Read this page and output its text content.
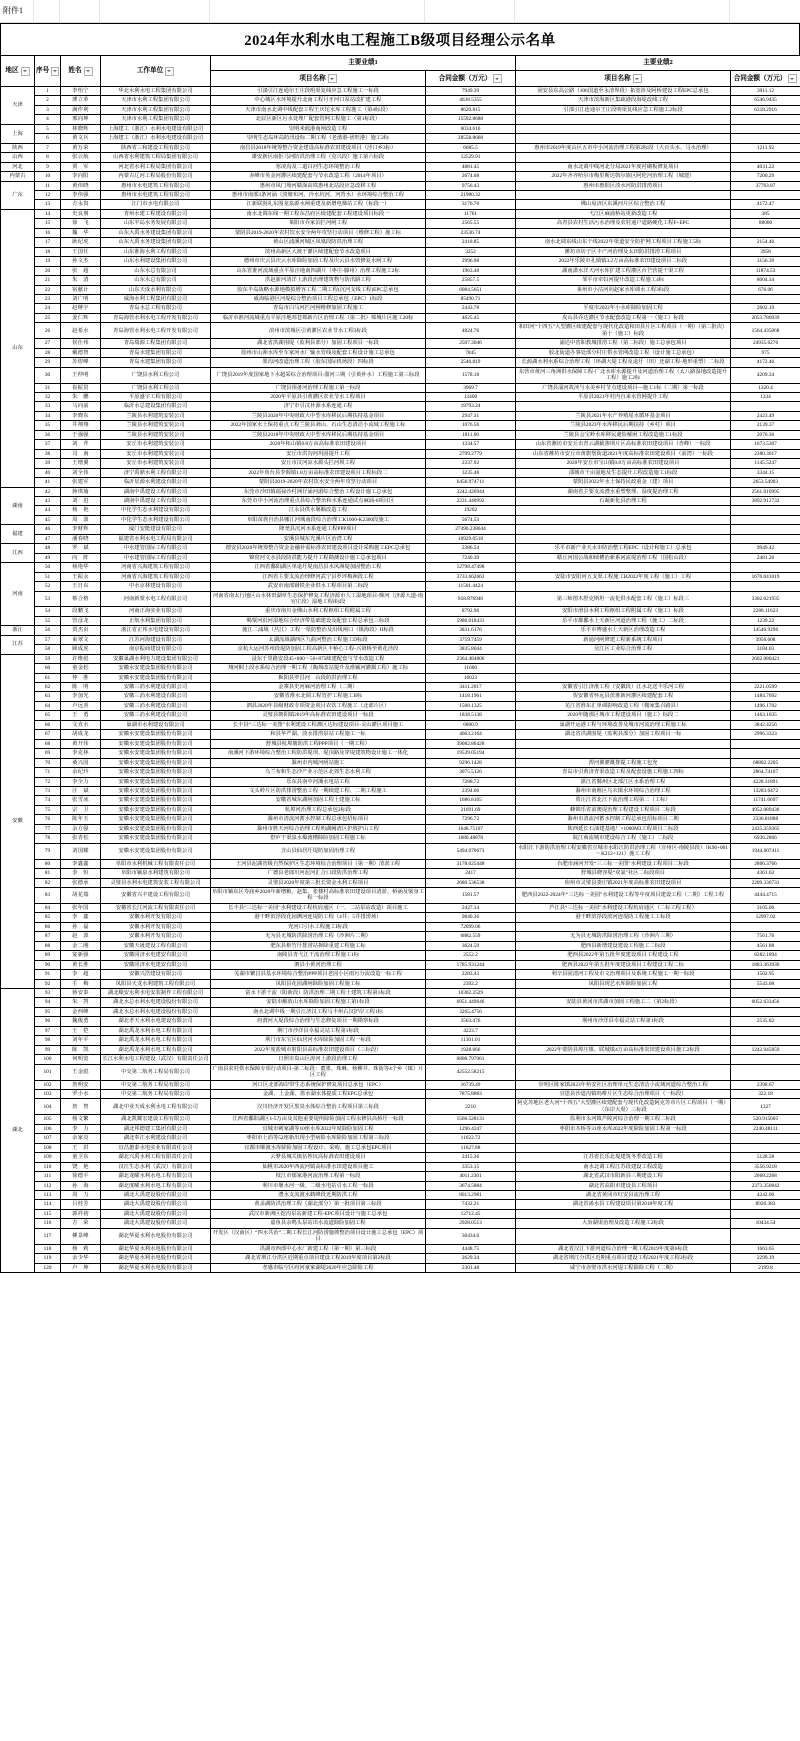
附件1
2024年水利水电工程施工B级项目经理公示名单
地区	序号	姓名	工作单位	主要业绩1		主要业绩2	

				项目名称	合同金额（万元）	项目名称	合同金额（万元）

天津	1	李怡宁	华北水利水电工程集团有限公司	引滦引江连通尔王庄段明渠复线应急工程施工一标段	7949.39	固安县东高公路（106国道至永清界段）拓宽涉及阿桥建设工程EPC总承包	3911.12
	2	薄立革	天津市水利工程集团有限公司	中心城区水环境提升北南工程月牙河口泵站改扩建工程	4638.5355	天津市滨海新区集疏港段海堤改线工程	6546.9435
	3	满作利	天津市水利工程集团有限公司	天津市南水北调中线配套工程王庆坨水库工程施工（第4标段）	8620.815	引滦引江连通尔王庄段明渠复线应急工程施工2标段	6318.2916
	4	邢向坤	天津市水利工程集团有限公司	北辰区新区污水处理厂配套管网工程施工（第1标段）	15592.8688		
上海	5	林晓辉	上海建工（浙江）水利水电建设有限公司	崇明米淞港南闸改造工程	6034.616		
	6	黄文兵	上海建工（浙江）水利水电建设有限公司	崇明生态岛环岛防汛设标二期工程（老滧港-团旺港）施工2标	28558.8668		
陕西	7	黄万荣	陕西省三和建设工程有限公司	南昌县2018年统筹整合资金建设高标准农田建设项目（泾口乡3标）	6685.5	惠州市2019年度山区五市中小河流治理工程第2标段（大百头水、马水治理）	1211.92
山西	8	张云航	山西省水利建筑工程局集团有限公司	雄安新区南拒马河防洪治理工程（克兴段）施工第六标段	12529.91		
河北	9	贾　军	河北省水利工程局集团有限公司	寒凌沟及二道白河生态环境整治工程	4881.45	南水北调中线河北分局2021年度衬砌板修复项目	4031.22
内蒙古	10	李向阳	内蒙古辽河工程局股份有限公司	赤峰市英金河灌区续建配套与节水改造工程（2014年项目）	2674.08	2022年齐齐哈尔市梅里斯达斡尔族区阿伦河治理工程（城建）	7200.29
广东	11	黄伟晓	惠州市水电建筑工程有限公司	惠州市凤门坳河赣深高铁惠州北站段应急改移工程	9756.43	惠州市惠阳区淡水河防洪排涝项目	37763.87
	12	李伟强	惠州市水电建筑工程有限公司	惠州市南部3条河涌（淡塘布河、冷水坑河、河背水）水环境综合整治工程	21980.32		
	13	方永贵	江门市水电有限公司	江新联围礼东围龙泉源水闸重建及新增电梯站工程（标段一）	3176.76	佛山易济区东溪河片区综合整治工程	4172.47
山东	14	史良朋	青州水建工程建设有限公司	南水北调东线一期工程东昌府区续建配套工程建设项目标段一	11761	弋江区麻浦桥站更新改造工程	385
	15	徐　飞	山东半岛水务发展有限公司	莱阳市乔家泊拦河闸工程	2565.55	高青县农村生活污水治理及农村通户道路硬化工程F+EPC	88000
	16	魏　华	山东大禹水务建设集团有限公司	蒙阴县2019-2020年农村饮水安全两年攻坚行动项目（维修工程）施工标	23536.74		
	17	耿纪虎	山东大禹水务建设集团有限公司	黄山区浦溪河城区凤凰段防洪治理工程	2418.85	南水北调东线山东干线2022年渠道安全防护网工程项目工程施工5标	2154.46
	18	王国任	山东淮海水利工程有限公司	滨州高新区大渡干灌区续建配套节水改造项目	3252	潍坊市坊子区丰产河治理及太田防洪排涝工程项目	3958
	19	孙文杰	山东水利建设集团有限公司	德州市庆云县庆云水库除险加固工程及庆云县水毁修复水闸工程	2996.98	2022年乐陵市孔镇镇3.2万亩高标准农田建设项目二标段	3156.39
	20	张　超	山东水总有限公司	山东省淮河流域重点平原洼地南四湖片（枣庄-滕州）治理工程施工2标	1963.48	湖南潇水洋天河水库扩建工程灌区台芒营提干渠工程	11874.53
	21	朱　清	山东水总有限公司	洪赵新河清洋上游段治理建筑物与防汛路工程	25857.5	邹平市牵妇河提升改造工程施工4标	8004.34
	22	宿献计	山东天成水利有限公司	胶东半岛战略水源地模拟增容工程二期工程(沉河支线工程)EPC总承包	6084.5651	莱州市小沽河向赵家水库调水工程3标段	676.06
	23	刘广明	威海水利工程集团有限公司	威海临港区河堤综合整治项目工程总承包（EPC）1标段	85490.71		
	24	赵继宇	青岛水总工程有限公司	青岛市白马河拦河闸维修加固工程施工	2443.78	平度市2022年小水库除险加固工程	2602.19
	25	姜仁辉	青岛海管水利水电工程开发有限公司	临沂市淮河流域重点平原洼地邳苍郯新片区治理工程（第二批）郯城片区施工20标	4625.45	皮山县乔达灌区节水配套改造工程第一（施工）标段	2053.780939
	26	赵希水	青岛海管水利水电工程开发有限公司	滨州市滨城区引黄灌区农业节水工程3标段	4824.76	和田河“十四五”大型灌区续建配套与现代化改造和田县片区工程项目（一期）（第二批次）第十（施工）标段	1564.435068
	27	侯仕伟	青岛瑞源工程集团有限公司	湖北省洪湖围堤（监利县部分）加固工程项目一标段	2507.3046	浦达中省职教城排涝工程（第二标段）施工总承包项目	24935.6276
	28	戴德智	青岛水建集团有限公司	胶州市山洲水库至车家河水厂输水管线及配套工程设计施工总承包	7845	胶北街道办事处部分村庄供水管网改造工程（设计施工总承包）	975
	29	苏煜峰	青岛水建集团有限公司	墨沟河改道治理工程（胶东国际机场段）四标段	2546.819	长源湖水利水系综合治理工程（环湖大堤工程及退圩（田）还湖工程-地形重塑）二标段	4172.46
	30	王仲明	广饶县水利工程公司	广饶县2019年度国家地下水超采综合治理项目-溜河三期（引黄补水）工程施工第三标段	1578.18	东营市黄河三角洲供水保障工程-广北水库水源提升及河道治理工程（太八路湿地改造提升工程）施工2标	4209.34
	31	崔振贯	广饶县水利工程公司	广饶县预备河治理工程施工第一标段	3969.7	广饶县淄河故渎与水美乡村节点建设项目—施工1标（二期）第一标段	1320.4
	32	朱　鹏	平原盛宇工程有限公司	2020年平原县引黄灌区农业节水工程项目	13400	平原县2021年村内自来水管网提升工程	1334
	33	马向前	临沂水总建设集团有限公司	济宁市引汶补源水系连通工程	19793.24		
	34	李晓东	兰陵县水利建筑安装公司	兰陵县2020年中央财政大中型水库移民后期扶持基金项目	2947.31	兰陵县2021年水产养殖尾水循环基金项目	2423.49
	35	井翔翔	兰陵县水利建筑安装公司	2022年国家水土保持重点工程兰陵县剥山、石山生态清洁小流域工程施工标	1076.56	兰陵县2023年水库移民后期扶持（乡村）项目	2139.37
	36	于强强	兰陵县水利建筑安装公司	兰陵县2018年中央财政大中型水库移民后期扶持基金项目	1811.00	兰陵县会宝岭水库移民避险解困工程改造施工1标段	2076.36
	37	刘　芹	安丘市水利建筑安装公司	2020年柘山镇0.8万亩高标准农田建设项目	1334.57	山东省潍坊市安丘市青云湖截渗坝片区高标准农田建设项目（杏峰）一标段	1673.5307
	38	司　南	安丘市水利建筑安装公司	安丘市洪沟河巩固提升工程	2799.2779	山东省潍坊市安丘市黄旗堡街道2021年度高标准农田建设项目（前湾）一标段	2380.3017
	39	王增翼	安丘市水利建筑安装公司	安丘市汶河凉水源头拦河坝工程	2337.92	2020年安丘市宝山镇0.8万亩高标准农田建设项目	1145.5247
	40	刘全伟	济宁禹鼎水利工程有限公司	2022年鱼台县李阁镇1.8万亩高标准农田建设项目工程标段二	3235.48	邵城市千亩滋地及生态提升工程改造施工1标段	3344.15
	41	张建军	临沂星源水利建设有限公司	蒙阴县2019-2020年农村饮水安全两年攻坚行动项目	6456.974711	蒙阴县2022年水土保持民政重金（建）项目	2653.54903
湖南	42	蒋琪瑜	湖南中禹建设工程有限公司	东莞市沙田镇福禄沙村洲仔涌河湄综合整治工程设计施工总承包	3242.426944	湖南省主要支流澧水重塑整理、湿度提治理工程	2561.010995
	43	刘　进	湖南中禹建设工程有限公司	东莞市中小河流治理重点县综合整治和水系连通试点麻涌-6项目区	2231.440992	石凝新化县治理工程	3892.912732
	44	杨　艳	中化学生态水利建设有限公司	江永县供水堰顺改造工程	19202		
	45	周　波	中化学生态水利建设有限公司	阜阳苗族自治县娜江河城南段综合治理工K1000-K2300段施工	5674.53		
福建	46	李财辉	厦门安能建设有限公司	隆尧县沉河水系连通工程PPP项目	27496.238644		
	47	潘春晓	福建省水利水电工程局有限公司	安溪县城东光溪片区治湾工程	10929.0518		
江西	48	罗　斌	中水建管国际工程有限公司	德安县2020年统筹整合资金金融补需标准农田建设项目设计采购施工EPC总承包	2386.54	乐平市新产业天水市防治整工程EPC（设计和施工）总承包	9949.42
	49	向　阵	中水建管国际工程有限公司	锦窑河文水县段防洪能力提升工程勘测设计施工总承包项目	7240.39	赣丘河国公战和续槽治新系河流堤治理工程（国松山段）	2481.26
河南	50	杨艳华	河南省兴海建筑工程有限公司	江西省鄱阳湖区单退圩堤南昌县水风洲堤加固整治工程	12798.47498		
	51	王振永	河南省兴海建筑工程有限公司	江西省主要支流治理修河武宁县罗坪梅洲段工程	3733.662663	安陆市安阳河五支渠工程施工B2022年度工程（施工）工程	1676.041019
	52	王日东	中水京林建设有限公司	武安市南部钢铁企业供水工程项目第二标段	11501.4424		
	53	蔡合格	河南新蒙水电工程有限公司	河南省南太行地区山水林田湖草生态保护修复工程济源市人工湿地项目-梯河（济源大道-南官庄段）湿地工程I标段	958.876946	第三师图木舒克斯坦一流化供水配套工程（施工）标段三	3302.621935
	54	段鹏飞	河南正海实业有限公司	重庆市南川金佛山水利工程枢组工程附属工程	8792.96	安阳市滑县水利工程枢组工程附属工程（施工）标段	2288.11623
	55	管彦龙	正航水利集团有限公司	喝粟河沿河湿地综合经济带基础建设及配套工程总承包三标段	5986.018431	乐平市都鄱水上天新区河道治理工程（施工）二标段	1239.22
浙江	56	贾杰贞	浙江省正邦水电建设有限公司	施江二浦域（莒江）工程一渠防整治及沿线闸口（镇海段）II标段	3831.6176	乐平市博盛水上天新区治理改造工程	14540.9296
江苏	57	束翠文	江苏河海建设有限公司	太湖流域湖西区九曲河整治工程施工D标段	3759.7459	新通河闸修建工程新系统工程项目	3956.608
	58	顾成虎	南京振商建设有限公司	京杭大运河苏州段堤防加固工程高新区丰桥心工程-兴贤桥至黄花泾段	3835.8044	吴江区工业综合治理工程	3184.03
安徽	59	许维彪	安徽巢湖水利电力建设集团有限公司	浸东千里路安段45+000～56+875续建配套与节水改造工程	2364.484806		2602.080421
	60	童金松	安徽水安建设集团股份有限公司	翔河桐上段水系综合治理一期工程（陶坝改站提升及淮颍河灌溉工程）施工标	11600		
	61	仲　胜	安徽水安建设集团股份有限公司	枞阳县罗昌河　山段防洪治理工程	16023		
	62	陈　明	安徽三消水利建设有限公司	金寨县史河麻河治理工程（二期）	3411.2017	安徽省引江济淮工程（安徽段）江水北送丰乐河工程	2221.0599
	63	李加光	安徽三消水利建设有限公司	安徽省淮水北调工程管护工程施工II标	1418.1961	贺安徽省怀远县茨淮新河灌区续建配套工程	1484.7692
	64	卢远喜	安徽三消水利建设有限公司	泗县2020年县级财政专项资金项目农饮工程施工（北部片区）	1508.1325	芜江省淮东汇单调影响改造工程（鞘家集召路县）	1496.1702
	65	王　勇	安徽三消水利建设有限公司	灵璧县朝阳镇2019年高标准农田建设项目一标段	1838.5138	2020年随那区城市工程建设项目（施工）标段二	1463.1035
	66	文直水	巢湖市水利建设有限公司	长丰县“三达标一美图”水利建设工程灌区达标建设项目-灵山灌区项目施工	6800.9	巢湖开运港工程与环境改善及城市河流治理工程施工标	3842.4256
	67	胡成龙	安徽水安建设集团股份有限公司	和县华严湖、淡水排涝泵站工程施工一标	4663.2164	湖北省洪湖围堤（监利县部分）加固工程项目一标	2996.3323
	68	黄开伟	安徽水安建设集团股份有限公司	舒城县杭埠塘防洪工程PPP项目（一期工程）	39082.86428		
	69	李克林	安徽水安建设集团股份有限公司	南溪河下游环境综合整治工程防洪堤坝、堤顶路及穿堤建筑物设计施工一体化	19539.05194		
	70	桑兴国	安徽水安建设集团股份有限公司	滁州市内城河闸站施工	9296.1428	淠河翼灌溉排提工程施工包充	68802.2205
	71	余纪玲	安徽水安建设集团股份有限公司	乌兰布和生态沙产业示范区北郊生态水利工程	3075.5126	青岛市引黄济青渠改造工程及配套设施工程施工四标	2864.74107
	72	李全力	安徽水安建设集团股份有限公司	乐东县南中河溪水电站工程	7288.72	浙江省鄞州区北部江区水系治理工程	4228.31891
	73	汪　斌	安徽水安建设集团股份有限公司	文头岭片区防洪排涝整治工程一期续建工程、二期工程施工	2394.66	滁州市南谯区乌衣镇水环境综合治理工程	13283.6472
	74	张雪冰	安徽水安建设集团股份有限公司	安徽省城东湖闸加固工程土建施工标	1686.8105	贾汪江省北江下流治理工程第二（工标）	11741.6697
	75	宗　卫	安徽水安建设集团股份有限公司	杭埠河治理工程总承包2标段	21691.69	蜂锦乐省前澳堤治理工程建设工程项目二标段	4952.089436
	76	陈年玉	安徽水安建设集团股份有限公司	滁州市清流河蓄水控制工程总承包招标项目	7296.72	滁州市清流河蓄水控制工程总承包招标项目二期	2336.81888
	77	余方强	安徽水安建设集团股份有限公司	滁州市胜天河综合治理工程明湖阙渣区护坡护山工程	1648.75107	陕西延长石油建基地厂×1000M3工程项目二标段	2435.359365
	78	张青松	安徽水安建设集团股份有限公司	舒庐干渠泉水爆渡槽除险加固工程施工标	1680.48878	皖江商流城市建设综合工程（施工）二标段	6936.2866
	79	刘国耀	安徽水安建设集团股份有限公司	含山县仙居圩堤防加固治理工程	5494.070673	水阳江下游防洪治理工程安徽省宣城市水阳江防洪治理工程（宣州区-南陵县段）（K96+001～K212+121）施工工程	1944.007411
	80	李鑫鑫	阜阳市水利机械工程有限责任公司	王河县泥湖省级自然保护区生态环境综合治理项目（第一期）清淤工程	3178.025448	台肥市涵河开发“三三标一美图”水利建设工程项目二标段	2806.3766
	81	李　恒	阜阳市颍泉水利建筑有限公司	广德县老郎川河泥河汇合口段防洪治理工程	2417	舒城县晓容堤“双氯”社区二标段项目	4361.62
	82	张德承	灵璧县水利水电建筑安装工程有限公司	灵璧县2020年度第三批长资金水利工程项目	2680.536538	宿州市灵璧县娄庄镇2021年度高标准农田建设项目	2209.336731
	83	胡花瑞	安徽省兴丰建设工程有限公司	阜阳市颍东区寿庙乡2020年新增粮、赵集、张楼村高标准农田建设项目清淤、桥涵及梁身工程一标段	1581.57	肥西县2022-2024年“三达标一美园”水利建设工程等年度项目建设工程（二期）工程工程	4444.4715
	84	张年国	安徽省长江河流工程有限责任公司	长丰县“三达标一美园”水利建设工程杭肩通区（一、二站泵站改造）项目施工	2427.14	芦江县“三达标一美园”水利建设工程杭肩通区（二标工程工程）	3105.06
	85	李　鑫	安徽水利开发有限公司	港干畔滨浮段花园溯河连堤防工程（4井、5井排涝场）	9840.36	港干畔滨浮段滨河连堤防工程施工工标段	12997.02
	86	孙　磊	安徽水利开发有限公司	充河口引水工程施工I标段	72099.06		
	87	赵　波	安徽水利开发有限公司	无为县无城防洪除涝治理工程（沙洲片二期）	6882.559	无为县无城防洪除涝治理工程（沙洲片三期）	7561.76
	88	金二刚	安徽天晟建设工程有限公司	肥东县枢竹圩排涝站拆除重建工程施工标	3624.59	肥西县新增建设建设工程施工二标段	4561.88
	89	宴新强	安徽同济水电建安有限公司	南陵县青弋江干流治理工程施工1标	2552.2	肥西县2022年第五批年度建设项目工程建设工程	8282.1894
	90	黄长胜	安徽同济水电建安有限公司	泗县小黄河治理工程	1785.931244	肥西县2022年第五批年度建设项目工程建设工程二标	1883.363936
	91	李　超	安徽兴浩建设有限公司	芜湖市繁昌县基水环境综合整治PPP项目老园小区雨污分流改造一标工程	2283.43	利辛县固清河工程及市文治理项目及系统工程施工一期一标段	1502.95
	92	壬　梅	凤阳县天龙水利建筑工程有限公司	凤阳县花园湖闸除险加固工程施工标	2392.2	凤阳县现艺水库除险加固工程	5543.08
湖北	93	蒋安泰	湖北顺安水利水电安装制作工程有限公司	富水下游干流（阳新段）防洪治理二期工程土建筑工程第1标段	10302.2529		
	94	朱　剀	湖北水总水利水电建设股份有限公司	安陆市解放山水库除险加固工程施工第1标段	6951.449646	安陆县黄冈市洪湖市加固工程施工二（第2标段）	6052.633456
	95	金西峰	湖北水总水利水电建设股份有限公司	南水北调中线一期引江济汉工程马丰州右汉护岸工程1标	3265.4756		
	96	魏俊勇	湖北孝天水利水电建设有限公司	府渭河大堤段综合治理与生态修复项目一期勘察标段	3563.476	荆州市沙洋县幸福灵站工程第1标段	2535.82
	97	王　恺	湖北禹龙水利水电工程有限公司	荆门市沙洋县幸福灵站工程第1标段	4223.7		
	98	刘年平	湖北禹龙水利水电工程有限公司	荆门市东宝区仙居河水库除险加固工程一标段	11301.01		
	99	陈　凯	湖北禹龙水利水电工程有限公司	2022年度盐城市射阳县高标准农田建设项目（三标段）	1928.666	2022年蒙阴县埠庄镇、联城镇4万亩高标准农田建设项目施工2标段	1242.945859
	100	何明宽	长江水利水电工程建设（武汉）有限责任公司	日照市岚山区涛河上游段治理工程	6808.797061		
	101	王金彪	中交第二航务工程局有限公司	广南县农村供水保障专项行动项目-第二标段：董墨、珠琳、杨柳井、珠街等4个乡（镇）片区工程	42552.58215		
	102	詹明安	中交第二航务工程局有限公司	河口区北部海岸带生态系统保护修复项目总承包（EPC）	16739.49	崇明区陈家镇2023年裕安社区治理单元生态清洁小流域河道综合整治工程	2398.67
	103	罗小水	中交第二航务工程局有限公司	金湖、上金湖、墨水湖水体提质工程EPC总承包	7875.8883	宜恩县沙道沟镇吗啡片区生态综合治理项目（一标段）	322.18
	104	詹　智	湖北中业天成水利水电工程有限公司	汉川经济开发区黑臭水体综合整治工程项目第三标段	2210	阿克苏地区老大河“十四五”大型灌区续建配套与现代化改造阿克苏市片区工程项目（一期）（东岸大渠）三标段	1327
	105	杨文繁	湖北凯耀宏建设工程有限公司	江西省鄱阳湖区1-5万亩及其他重要堤所除险加固工程永修县高桥圩一标段	1566.528131	监利市永河镇芦陵河综合治理一期工程二标段	520.915605
	106	李　力	湖北邦德建工集团有限公司	宜城市刺家湖等10座水库2022年度除险加固工程	1296.4247	枣阳市木桥等31座水库2022年度除险加固工程第一标段	2240.48111
	107	余家亮	湖北奉江水利建设有限公司	枣阳市上涓等52座新出现小型病险水库除险加固工程第三标段	11622.72		
	108	王　洪	宜昌蕙泰水电实业有限责任公司	宜都市顺渡水库除险加固工程设计、采购、施工总承包EPC项目	11627.88		
	109	童卫东	湖北兴禹水利工程有限责任公司	云梦县城关镇伍姓坑高标准农田建设项目	2415.36	江苏省长乐北堤建筑冬季改造工程	5128.58
	110	饶　艳	汉江生态水利（武汉）有限公司	仙桃市2020年西流河镇高标准水田建设项目施工	3353.15	南水北调工程江苏段建设工程改造	3556.9218
	111	徐德平	湖北龙曜水利水电工程有限公司	枝江市郁家港河流治理工程第一标段	4011.2301	湖北省武汉市阳新县三期建设工程	2068.2268
	112	孙　海	湖北度曜水利水电工程有限公司	利川市堰水河一级、二级水电站引水工程一标段	3674.5884	湖北省高阳市建设县工程项目	2373.350842
	113	周　力	湖北大禹建设股份有限公司	澧水支流渡水鹤峰段近期防洪工程	8013.2981	湖北省黄冈市红安县流治理工程	4242.06
	114	吕桂芳	湖北大禹建设股份有限公司	黄盖湖防洪治理工程（湖北部分）第一批项目第三标段	7432.21	湖北省浠水县工程建设项目第2018年度工程	8926.383
	115	郭祥初	湖北大禹建设股份有限公司	武汉市新洲区挖沟泵站新建工程-EPC项目设计与施工总承包	12712.45		
	116	方　荣	湖北大禹建设股份有限公司	嘉鱼县余鸣头泵站出水流道除险加固工程	2928.0513	大冶湖渠治理及改造工程施工2标段	10434.54
	117	柳景峰	湖北华夏水利水电股份有限公司	开发区（汉南区）“四水共治”二期工程长江河防涝施坡整治项目设计施工总承包（EPC）项目	30434.6		
	118	杨　莉	湖北华夏水利水电股份有限公司	洪湖市西部中心水厂新建工程（第一期）第三标段	4448.75	湖北省汉江下游河道综合治理一期工程2019年度第6标段	1663.65
	119	余少华	湖北华夏水利水电股份有限公司	湖北省荆江分洪区近期重点项目建设工程2019年度项目第2标段	2629.34	湖北省荆江分洪区近期重点项目建设工程2021年度工程2标段	2299.19
	120	卢　坤	湖北华夏水利水电股份有限公司	孝感市临空区府河童家湖堤2020年应急除险工程	2301.48	咸宁市赤壁市洪水河堤工程除险工程（二期）	2199.8
